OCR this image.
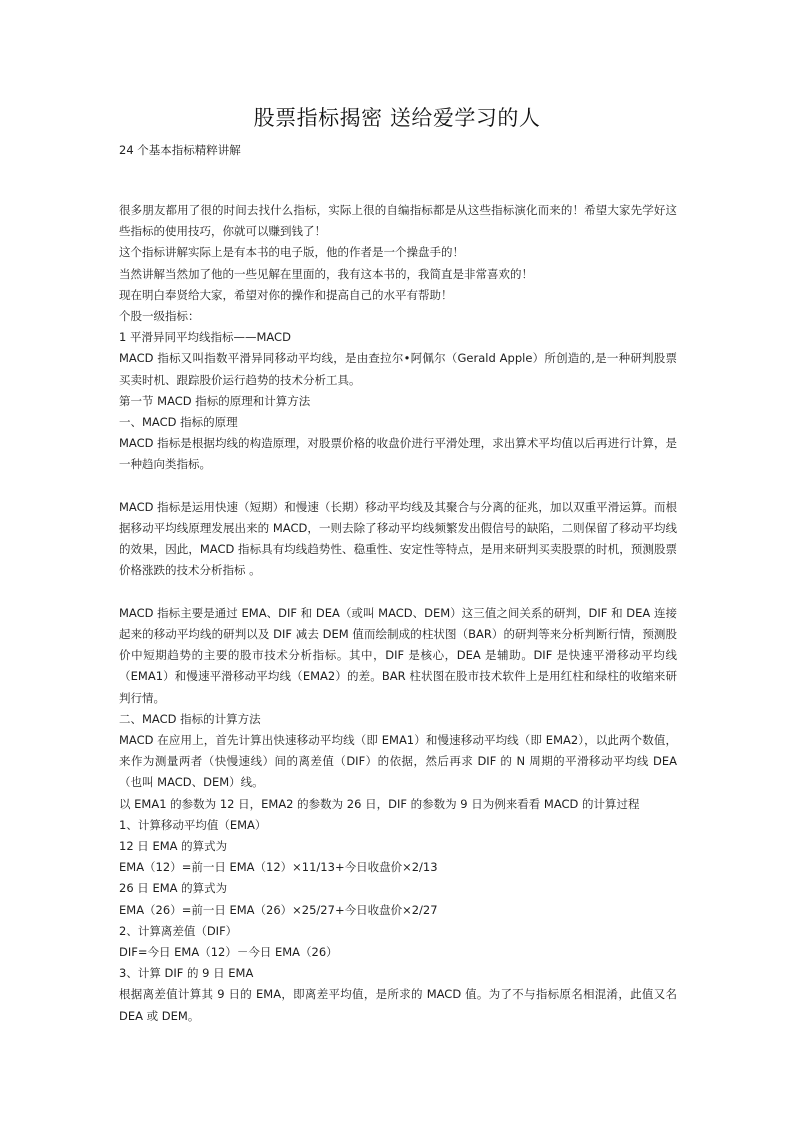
股票指标揭密 送给爱学习的人

24 个基本指标精粹讲解

很多朋友都用了很的时间去找什么指标，实际上很的自编指标都是从这些指标演化而来的！希望大家先学好这些指标的使用技巧，你就可以赚到钱了！

这个指标讲解实际上是有本书的电子版，他的作者是一个操盘手的！

当然讲解当然加了他的一些见解在里面的，我有这本书的，我简直是非常喜欢的！

现在明白奉贤给大家，希望对你的操作和提高自己的水平有帮助！

个股一级指标：

1 平滑异同平均线指标——MACD

MACD 指标又叫指数平滑异同移动平均线，是由查拉尔•阿佩尔（Gerald Apple）所创造的,是一种研判股票买卖时机、跟踪股价运行趋势的技术分析工具。

第一节 MACD 指标的原理和计算方法

一、MACD 指标的原理

MACD 指标是根据均线的构造原理，对股票价格的收盘价进行平滑处理，求出算术平均值以后再进行计算，是一种趋向类指标。

MACD 指标是运用快速（短期）和慢速（长期）移动平均线及其聚合与分离的征兆，加以双重平滑运算。而根据移动平均线原理发展出来的 MACD，一则去除了移动平均线频繁发出假信号的缺陷，二则保留了移动平均线的效果，因此，MACD 指标具有均线趋势性、稳重性、安定性等特点，是用来研判买卖股票的时机，预测股票价格涨跌的技术分析指标 。

MACD 指标主要是通过 EMA、DIF 和 DEA（或叫 MACD、DEM）这三值之间关系的研判，DIF 和 DEA 连接起来的移动平均线的研判以及 DIF 减去 DEM 值而绘制成的柱状图（BAR）的研判等来分析判断行情，预测股价中短期趋势的主要的股市技术分析指标。其中，DIF 是核心，DEA 是辅助。DIF 是快速平滑移动平均线（EMA1）和慢速平滑移动平均线（EMA2）的差。BAR 柱状图在股市技术软件上是用红柱和绿柱的收缩来研判行情。

二、MACD 指标的计算方法

MACD 在应用上，首先计算出快速移动平均线（即 EMA1）和慢速移动平均线（即 EMA2），以此两个数值，来作为测量两者（快慢速线）间的离差值（DIF）的依据，然后再求 DIF 的 N 周期的平滑移动平均线 DEA（也叫 MACD、DEM）线。

以 EMA1 的参数为 12 日，EMA2 的参数为 26 日，DIF 的参数为 9 日为例来看看 MACD 的计算过程

1、计算移动平均值（EMA）

12 日 EMA 的算式为

EMA（12）=前一日 EMA（12）×11/13+今日收盘价×2/13

26 日 EMA 的算式为

EMA（26）=前一日 EMA（26）×25/27+今日收盘价×2/27

2、计算离差值（DIF）

DIF=今日 EMA（12）－今日 EMA（26）

3、计算 DIF 的 9 日 EMA

根据离差值计算其 9 日的 EMA，即离差平均值，是所求的 MACD 值。为了不与指标原名相混淆，此值又名 DEA 或 DEM。
